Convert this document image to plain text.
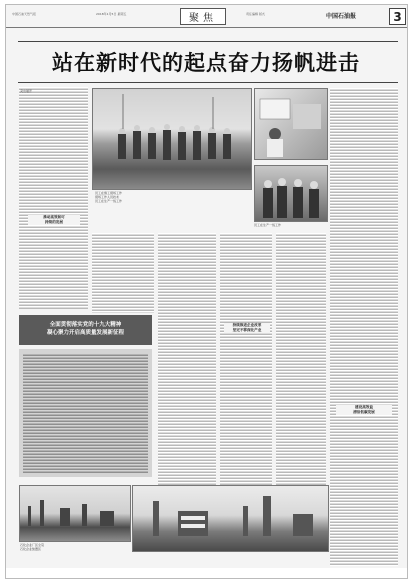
中国石油天然气报	2018年1月5日 星期五	责任编辑 版式
聚焦	中国石油报	3
站在新时代的起点奋力扬帆进击
推动高效和可
持续的发展
突出展开
员工在施工现场工作
现场工作人员技术
员工在生产一线工作
员工在生产一线工作
建设高效益
清洁低碳发展
持续推进企业改革
坚定不移深化产业
全面贯彻落实党的十九大精神
凝心聚力开启高质量发展新征程
石化企业厂区全景
石化企业装置区
